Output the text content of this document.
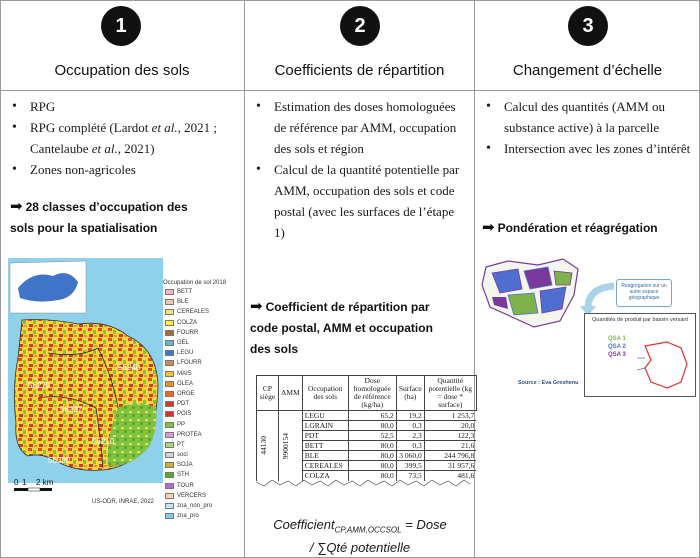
1
Occupation des sols
• RPG
• RPG complété (Lardot et al., 2021 ; Cantelaube et al., 2021)
• Zones non-agricoles
➡ 28 classes d’occupation des
sols pour la spatialisation
56270
56240
56227
56210
56330
0 1 2 km
Occupation de sol 2018
BETT
BLE
CEREALES
COLZA
FOURR
GEL
LEGU
LFOURR
MAIS
OLEA
ORGE
PDT
POIS
PP
PROTEA
PT
socl
SOJA
STH
TOUR
VERCERS
zna_non_pro
zna_pro
US-ODR, INRAE, 2022
2
Coefficients de répartition
• Estimation des doses homologuées de référence par AMM, occupation des sols et région
• Calcul de la quantité potentielle par AMM, occupation des sols et code postal (avec les surfaces de l’étape 1)
➡ Coefficient de répartition par
code postal, AMM et occupation
des sols
CP siège	AMM	Occupation des sols	Dose homologuée de référence (kg/ha)	Surface (ha)	Quantité potentielle (kg = dose * surface)

44130	9900154	LEGU	65,2	19,2	1 253,7
		LGRAIN	80,0	0,3	20,0
		PDT	52,5	2,3	122,3
		BETT	80,0	0,3	21,6
		BLE	80,0	3 060,0	244 796,8
		CEREALES	80,0	399,5	31 957,6
		COLZA	80,0	73,5	481,6
Coefficient$_{CP,AMM,OCCSOL}$ = Dose
/ ∑Qté potentielle
3
Changement d’échelle
• Calcul des quantités (AMM ou substance active) à la parcelle
• Intersection avec les zones d’intérêt
➡ Pondération et réagrégation
Réagrégation sur un autre espace géographique
Quantités de produit par bassin versant
QSA 1
QSA 2
QSA 3
Source : Eva Greshenu
